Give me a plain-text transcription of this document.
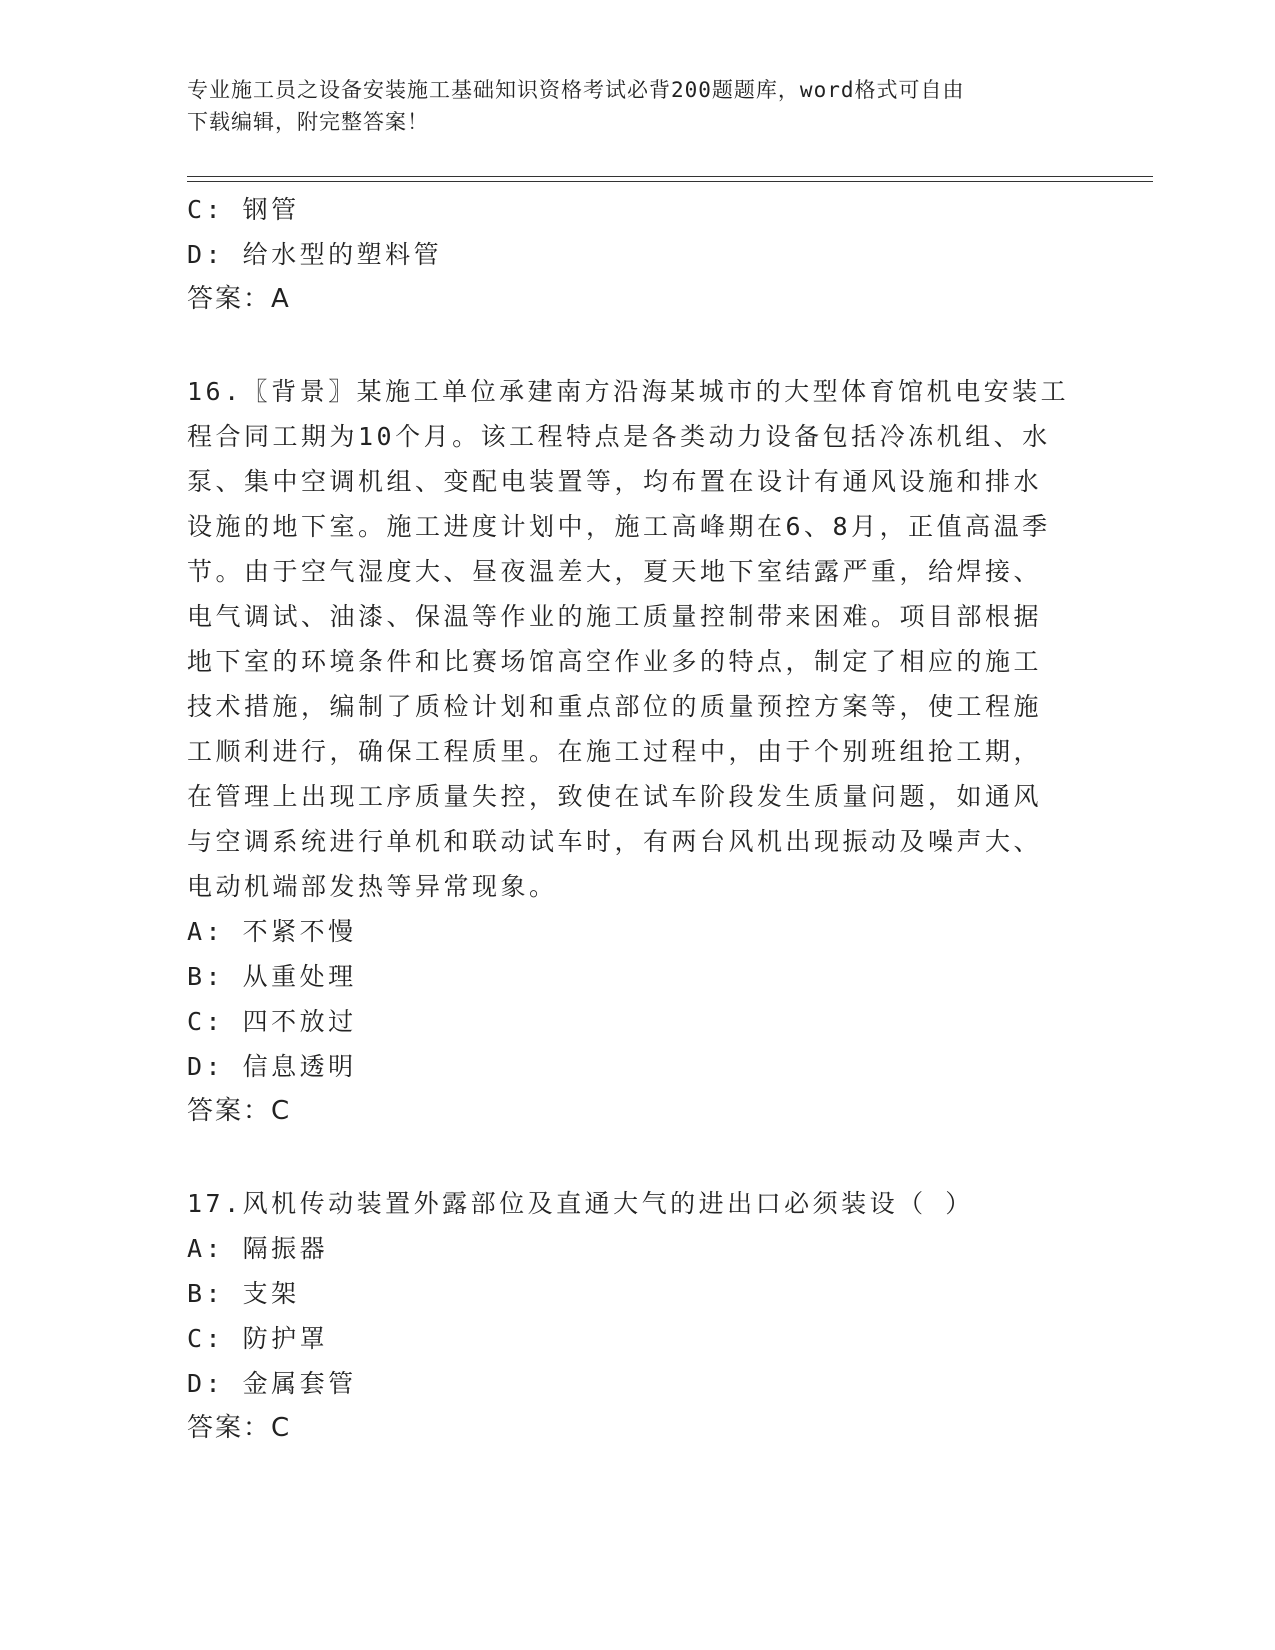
专业施工员之设备安装施工基础知识资格考试必背200题题库，word格式可自由
下载编辑，附完整答案！
C: 钢管
D: 给水型的塑料管
答案：A
16.〖背景〗某施工单位承建南方沿海某城市的大型体育馆机电安装工
程合同工期为10个月。该工程特点是各类动力设备包括冷冻机组、水
泵、集中空调机组、变配电装置等，均布置在设计有通风设施和排水
设施的地下室。施工进度计划中，施工高峰期在6、8月，正值高温季
节。由于空气湿度大、昼夜温差大，夏天地下室结露严重，给焊接、
电气调试、油漆、保温等作业的施工质量控制带来困难。项目部根据
地下室的环境条件和比赛场馆高空作业多的特点，制定了相应的施工
技术措施，编制了质检计划和重点部位的质量预控方案等，使工程施
工顺利进行，确保工程质里。在施工过程中，由于个别班组抢工期，
在管理上出现工序质量失控，致使在试车阶段发生质量问题，如通风
与空调系统进行单机和联动试车时，有两台风机出现振动及噪声大、
电动机端部发热等异常现象。
A: 不紧不慢
B: 从重处理
C: 四不放过
D: 信息透明
答案：C
17.风机传动装置外露部位及直通大气的进出口必须装设（ ）
A: 隔振器
B: 支架
C: 防护罩
D: 金属套管
答案：C
